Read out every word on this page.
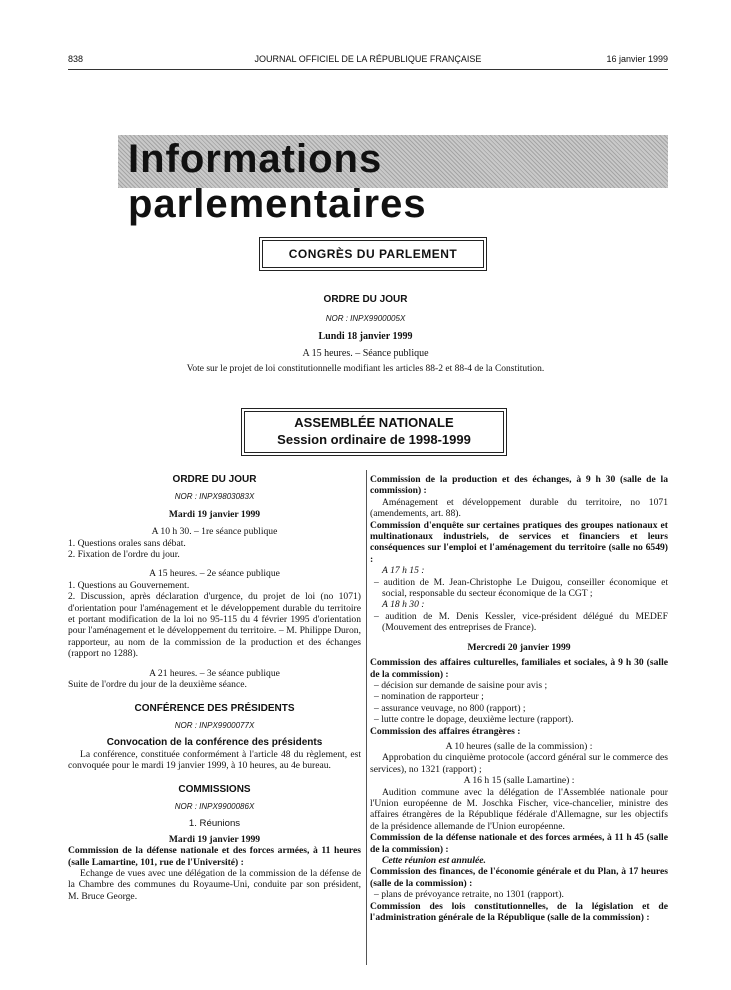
838	JOURNAL OFFICIEL DE LA RÉPUBLIQUE FRANÇAISE	16 janvier 1999
Informations parlementaires
CONGRÈS DU PARLEMENT
ORDRE DU JOUR
NOR : INPX9900005X
Lundi 18 janvier 1999
A 15 heures. – Séance publique
Vote sur le projet de loi constitutionnelle modifiant les articles 88-2 et 88-4 de la Constitution.
ASSEMBLÉE NATIONALE
Session ordinaire de 1998-1999

ORDRE DU JOUR

NOR : INPX9803083X

Mardi 19 janvier 1999

A 10 h 30. – 1re séance publique

1. Questions orales sans débat.

2. Fixation de l'ordre du jour.

A 15 heures. – 2e séance publique

1. Questions au Gouvernement.

2. Discussion, après déclaration d'urgence, du projet de loi (no 1071) d'orientation pour l'aménagement et le développement durable du territoire et portant modification de la loi no 95-115 du 4 février 1995 d'orientation pour l'aménagement et le développement du territoire. – M. Philippe Duron, rapporteur, au nom de la commission de la production et des échanges (rapport no 1288).

A 21 heures. – 3e séance publique

Suite de l'ordre du jour de la deuxième séance.

CONFÉRENCE DES PRÉSIDENTS

NOR : INPX9900077X

Convocation de la conférence des présidents

La conférence, constituée conformément à l'article 48 du règlement, est convoquée pour le mardi 19 janvier 1999, à 10 heures, au 4e bureau.

COMMISSIONS

NOR : INPX9900086X

1. Réunions

Mardi 19 janvier 1999

Commission de la défense nationale et des forces armées, à 11 heures (salle Lamartine, 101, rue de l'Université) :

Echange de vues avec une délégation de la commission de la défense de la Chambre des communes du Royaume-Uni, conduite par son président, M. Bruce George.

Commission de la production et des échanges, à 9 h 30 (salle de la commission) :

Aménagement et développement durable du territoire, no 1071 (amendements, art. 88).

Commission d'enquête sur certaines pratiques des groupes nationaux et multinationaux industriels, de services et financiers et leurs conséquences sur l'emploi et l'aménagement du territoire (salle no 6549) :

A 17 h 15 :

– audition de M. Jean-Christophe Le Duigou, conseiller économique et social, responsable du secteur économique de la CGT ;

A 18 h 30 :

– audition de M. Denis Kessler, vice-président délégué du MEDEF (Mouvement des entreprises de France).

Mercredi 20 janvier 1999

Commission des affaires culturelles, familiales et sociales, à 9 h 30 (salle de la commission) :

– décision sur demande de saisine pour avis ;

– nomination de rapporteur ;

– assurance veuvage, no 800 (rapport) ;

– lutte contre le dopage, deuxième lecture (rapport).

Commission des affaires étrangères :

A 10 heures (salle de la commission) :

Approbation du cinquième protocole (accord général sur le commerce des services), no 1321 (rapport) ;

A 16 h 15 (salle Lamartine) :

Audition commune avec la délégation de l'Assemblée nationale pour l'Union européenne de M. Joschka Fischer, vice-chancelier, ministre des affaires étrangères de la République fédérale d'Allemagne, sur les objectifs de la présidence allemande de l'Union européenne.

Commission de la défense nationale et des forces armées, à 11 h 45 (salle de la commission) :

Cette réunion est annulée.

Commission des finances, de l'économie générale et du Plan, à 17 heures (salle de la commission) :

– plans de prévoyance retraite, no 1301 (rapport).

Commission des lois constitutionnelles, de la législation et de l'administration générale de la République (salle de la commission) :
